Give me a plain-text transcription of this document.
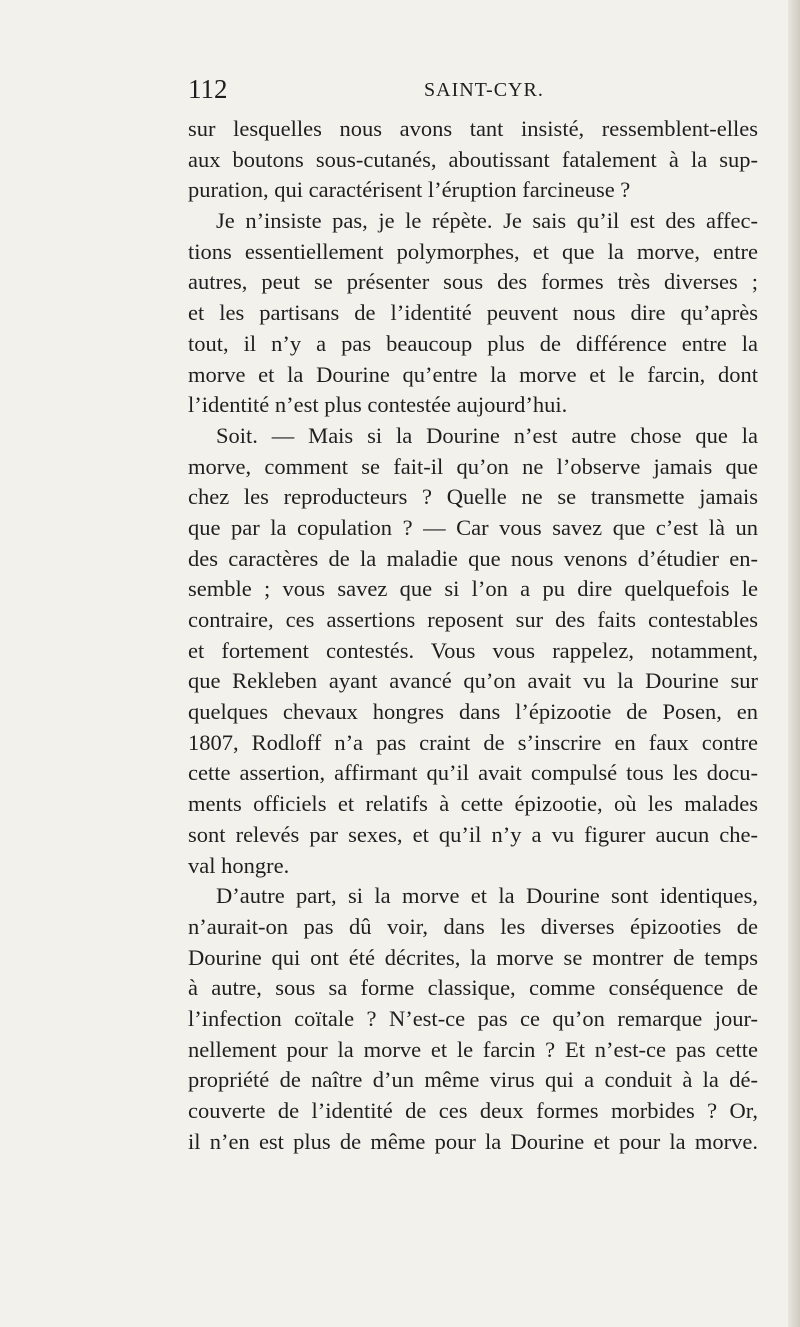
112	SAINT-CYR.
sur lesquelles nous avons tant insisté, ressemblent-elles
aux boutons sous-cutanés, aboutissant fatalement à la sup-
puration, qui caractérisent l’éruption farcineuse ?
Je n’insiste pas, je le répète. Je sais qu’il est des affec-
tions essentiellement polymorphes, et que la morve, entre
autres, peut se présenter sous des formes très diverses ;
et les partisans de l’identité peuvent nous dire qu’après
tout, il n’y a pas beaucoup plus de différence entre la
morve et la Dourine qu’entre la morve et le farcin, dont
l’identité n’est plus contestée aujourd’hui.
Soit. — Mais si la Dourine n’est autre chose que la
morve, comment se fait-il qu’on ne l’observe jamais que
chez les reproducteurs ? Quelle ne se transmette jamais
que par la copulation ? — Car vous savez que c’est là un
des caractères de la maladie que nous venons d’étudier en-
semble ; vous savez que si l’on a pu dire quelquefois le
contraire, ces assertions reposent sur des faits contestables
et fortement contestés. Vous vous rappelez, notamment,
que Rekleben ayant avancé qu’on avait vu la Dourine sur
quelques chevaux hongres dans l’épizootie de Posen, en
1807, Rodloff n’a pas craint de s’inscrire en faux contre
cette assertion, affirmant qu’il avait compulsé tous les docu-
ments officiels et relatifs à cette épizootie, où les malades
sont relevés par sexes, et qu’il n’y a vu figurer aucun che-
val hongre.
D’autre part, si la morve et la Dourine sont identiques,
n’aurait-on pas dû voir, dans les diverses épizooties de
Dourine qui ont été décrites, la morve se montrer de temps
à autre, sous sa forme classique, comme conséquence de
l’infection coïtale ? N’est-ce pas ce qu’on remarque jour-
nellement pour la morve et le farcin ? Et n’est-ce pas cette
propriété de naître d’un même virus qui a conduit à la dé-
couverte de l’identité de ces deux formes morbides ? Or,
il n’en est plus de même pour la Dourine et pour la morve.
